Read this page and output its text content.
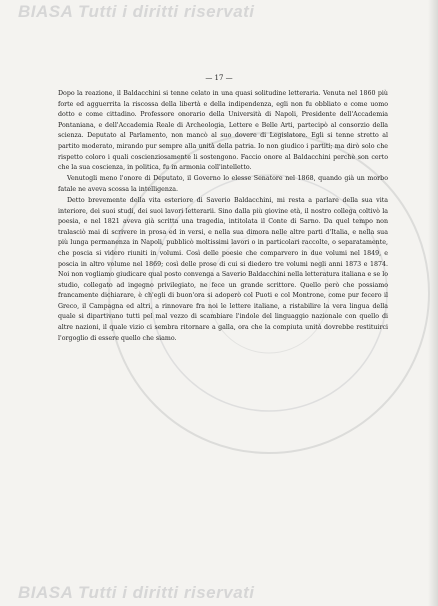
BIASA Tutti i diritti riservati
— 17 —

Dopo la reazione, il Baldacchini si tenne celato in una quasi solitudine letteraria. Venuta nel 1860 più forte ed agguerrita la riscossa della libertà e della indipendenza, egli non fu obbliato e come uomo dotto e come cittadino. Professore onorario della Università di Napoli, Presidente dell'Accademia Pontaniana, e dell'Accademia Reale di Archeologia, Lettere e Belle Arti, partecipò al consorzio della scienza. Deputato al Parlamento, non mancò al suo dovere di Legislatore. Egli si tenne stretto al partito moderato, mirando pur sempre alla unità della patria. Io non giudico i partiti; ma dirò solo che rispetto coloro i quali coscienziosamente li sostengono. Faccio onore al Baldacchini perchè son certo che la sua coscienza, in politica, fu in armonia coll'intelletto.

Venutogli meno l'onore di Deputato, il Governo lo elesse Senatore nel 1868, quando già un morbo fatale ne aveva scossa la intelligenza.

Detto brevemente della vita esteriore di Saverio Baldacchini, mi resta a parlare della sua vita interiore, dei suoi studi, dei suoi lavori letterarii. Sino dalla più giovine età, il nostro collega coltivò la poesia, e nel 1821 aveva già scritta una tragedia, intitolata il Conte di Sarno. Da quel tempo non tralasciò mai di scrivere in prosa ed in versi, e nella sua dimora nelle altre parti d'Italia, e nella sua più lunga permanenza in Napoli, pubblicò moltissimi lavori o in particolari raccolte, o separatamente, che poscia si videro riuniti in volumi. Così delle poesie che comparvero in due volumi nel 1849, e poscia in altro volume nel 1869; così delle prose di cui si diedero tre volumi negli anni 1873 e 1874. Noi non vogliamo giudicare qual posto convenga a Saverio Baldacchini nella letteratura italiana e se lo studio, collegato ad ingegno privilegiato, ne fece un grande scrittore. Quello però che possiamo francamente dichiarare, è ch'egli di buon'ora si adoperò col Puoti e col Montrone, come pur fecero il Greco, il Campagna ed altri, a rinnovare fra noi le lettere italiane, a ristabilire la vera lingua della quale si dipartivano tutti pel mal vezzo di scambiare l'indole del linguaggio nazionale con quello di altre nazioni, il quale vizio ci sembra ritornare a galla, ora che la compiuta unità dovrebbe restituirci l'orgoglio di essere quello che siamo.

BIASA Tutti i diritti riservati
